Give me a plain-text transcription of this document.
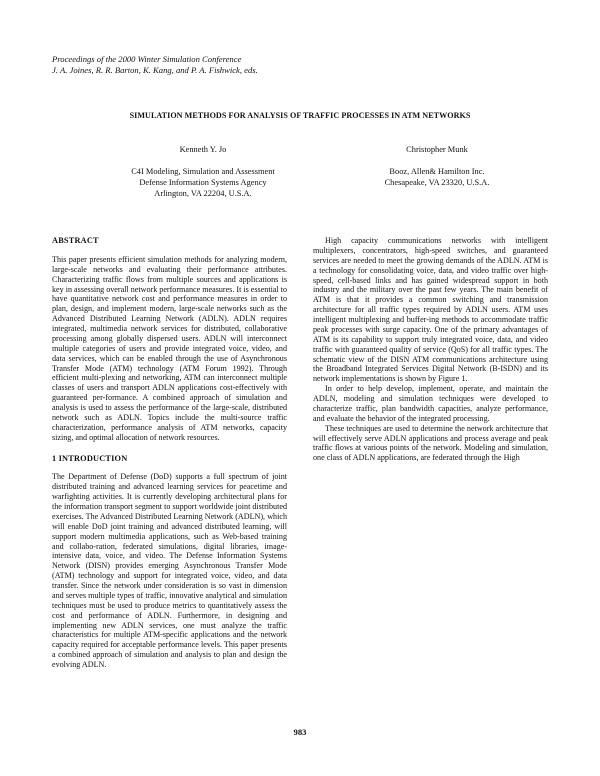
Proceedings of the 2000 Winter Simulation Conference
J. A. Joines, R. R. Barton, K. Kang, and P. A. Fishwick, eds.
SIMULATION METHODS FOR ANALYSIS OF TRAFFIC PROCESSES IN ATM NETWORKS
Kenneth Y. Jo
C4I Modeling, Simulation and Assessment
Defense Information Systems Agency
Arlington, VA 22204, U.S.A.
Christopher Munk
Booz, Allen& Hamilton Inc.
Chesapeake, VA 23320, U.S.A.
ABSTRACT

This paper presents efficient simulation methods for analyzing modern, large-scale networks and evaluating their performance attributes. Characterizing traffic flows from multiple sources and applications is key in assessing overall network performance measures. It is essential to have quantitative network cost and performance measures in order to plan, design, and implement modern, large-scale networks such as the Advanced Distributed Learning Network (ADLN). ADLN requires integrated, multimedia network services for distributed, collaborative processing among globally dispersed users. ADLN will interconnect multiple categories of users and provide integrated voice, video, and data services, which can be enabled through the use of Asynchronous Transfer Mode (ATM) technology (ATM Forum 1992). Through efficient multi-plexing and networking, ATM can interconnect multiple classes of users and transport ADLN applications cost-effectively with guaranteed per-formance. A combined approach of simulation and analysis is used to assess the performance of the large-scale, distributed network such as ADLN. Topics include the multi-source traffic characterization, performance analysis of ATM networks, capacity sizing, and optimal allocation of network resources.

1 INTRODUCTION

The Department of Defense (DoD) supports a full spectrum of joint distributed training and advanced learning services for peacetime and warfighting activities. It is currently developing architectural plans for the information transport segment to support worldwide joint distributed exercises. The Advanced Distributed Learning Network (ADLN), which will enable DoD joint training and advanced distributed learning, will support modern multimedia applications, such as Web-based training and collabo-ration, federated simulations, digital libraries, image-intensive data, voice, and video. The Defense Information Systems Network (DISN) provides emerging Asynchronous Transfer Mode (ATM) technology and support for integrated voice, video, and data transfer. Since the network under consideration is so vast in dimension and serves multiple types of traffic, innovative analytical and simulation techniques must be used to produce metrics to quantitatively assess the cost and performance of ADLN. Furthermore, in designing and implementing new ADLN services, one must analyze the traffic characteristics for multiple ATM-specific applications and the network capacity required for acceptable performance levels. This paper presents a combined approach of simulation and analysis to plan and design the evolving ADLN.

High capacity communications networks with intelligent multiplexers, concentrators, high-speed switches, and guaranteed services are needed to meet the growing demands of the ADLN. ATM is a technology for consolidating voice, data, and video traffic over high-speed, cell-based links and has gained widespread support in both industry and the military over the past few years. The main benefit of ATM is that it provides a common switching and transmission architecture for all traffic types required by ADLN users. ATM uses intelligent multiplexing and buffer-ing methods to accommodate traffic peak processes with surge capacity. One of the primary advantages of ATM is its capability to support truly integrated voice, data, and video traffic with guaranteed quality of service (QoS) for all traffic types. The schematic view of the DISN ATM communications architecture using the Broadband Integrated Services Digital Network (B-ISDN) and its network implementations is shown by Figure 1.

In order to help develop, implement, operate, and maintain the ADLN, modeling and simulation techniques were developed to characterize traffic, plan bandwidth capacities, analyze performance, and evaluate the behavior of the integrated processing.

These techniques are used to determine the network architecture that will effectively serve ADLN applications and process average and peak traffic flows at various points of the network. Modeling and simulation, one class of ADLN applications, are federated through the High

983
